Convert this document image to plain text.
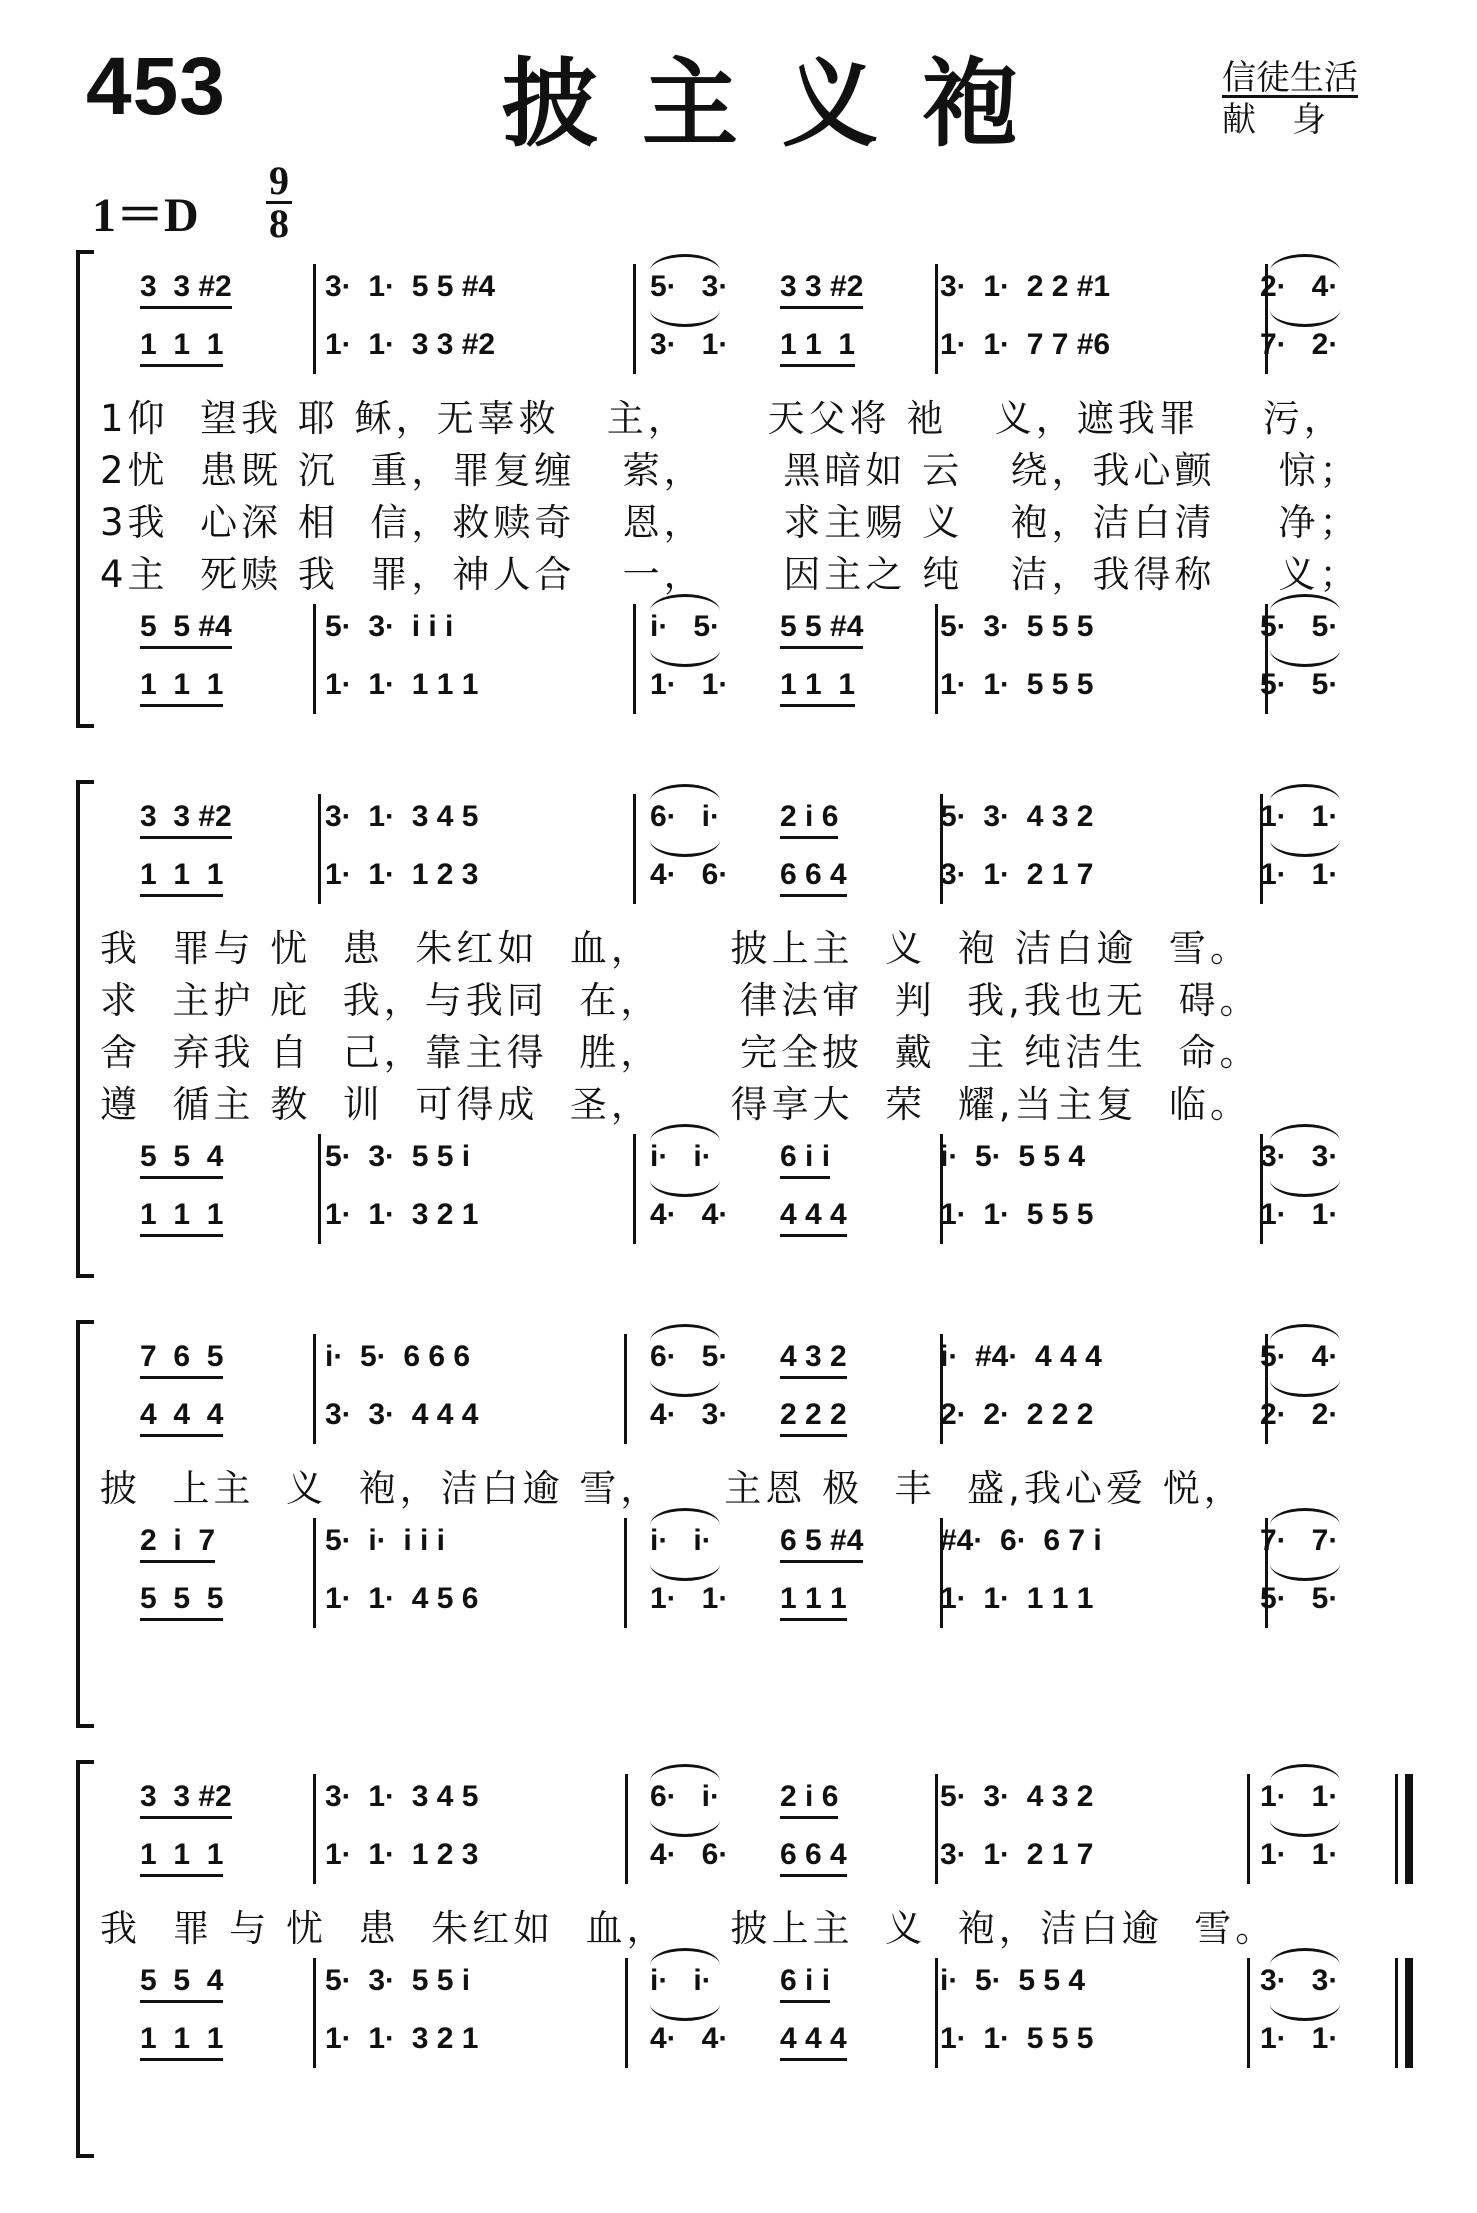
453	披主义袍	信徒生活
献身
1＝D
9
8
3  3 #2	3·  1·  5 5 #4	5·   3· 3 3 #2	3·  1·  2 2 #1	2·   4·
1  1  1	1·  1·  3 3 #2	3·   1· 1 1  1	1·  1·  7 7 #6	7·   2·
1仰  望我 耶 稣，无辜救   主，     天父将 祂   义，遮我罪    污，
2忧  患既 沉  重，罪复缠   萦，     黑暗如 云   绕，我心颤    惊；
3我  心深 相  信，救赎奇   恩，     求主赐 义   袍，洁白清    净；
4主  死赎 我  罪，神人合   一，     因主之 纯   洁，我得称    义；
5  5 #4	5·  3·  i i i	i·   5· 5 5 #4	5·  3·  5 5 5	5·   5·
1  1  1	1·  1·  1 1 1	1·   1· 1 1  1	1·  1·  5 5 5	5·   5·
3  3 #2	3·  1·  3 4 5	6·   i· 2 i 6	5·  3·  4 3 2	1·   1·
1  1  1	1·  1·  1 2 3	4·   6· 6 6 4	3·  1·  2 1 7	1·   1·
我  罪与 忧  患  朱红如  血，     披上主  义  袍 洁白逾  雪。
求  主护 庇  我，与我同  在，     律法审  判  我,我也无  碍。
舍  弃我 自  己，靠主得  胜，     完全披  戴  主 纯洁生  命。
遵  循主 教  训  可得成  圣，     得享大  荣  耀,当主复  临。
5  5  4	5·  3·  5 5 i	i·   i· 6 i i	i·  5·  5 5 4	3·   3·
1  1  1	1·  1·  3 2 1	4·   4· 4 4 4	1·  1·  5 5 5	1·   1·
7  6  5	i·  5·  6 6 6	6·   5· 4 3 2	i·  #4·  4 4 4	5·   4·
4  4  4	3·  3·  4 4 4	4·   3· 2 2 2	2·  2·  2 2 2	2·   2·
披  上主  义  袍，洁白逾 雪，    主恩 极  丰  盛,我心爱 悦，
2  i  7	5·  i·  i i i	i·   i· 6 5 #4	#4·  6·  6 7 i	7·   7·
5  5  5	1·  1·  4 5 6	1·   1· 1 1 1	1·  1·  1 1 1	5·   5·
3  3 #2	3·  1·  3 4 5	6·   i· 2 i 6	5·  3·  4 3 2	1·   1·
1  1  1	1·  1·  1 2 3	4·   6· 6 6 4	3·  1·  2 1 7	1·   1·
我  罪 与 忧  患  朱红如  血，    披上主  义  袍，洁白逾  雪。
5  5  4	5·  3·  5 5 i	i·   i· 6 i i	i·  5·  5 5 4	3·   3·
1  1  1	1·  1·  3 2 1	4·   4· 4 4 4	1·  1·  5 5 5	1·   1·
